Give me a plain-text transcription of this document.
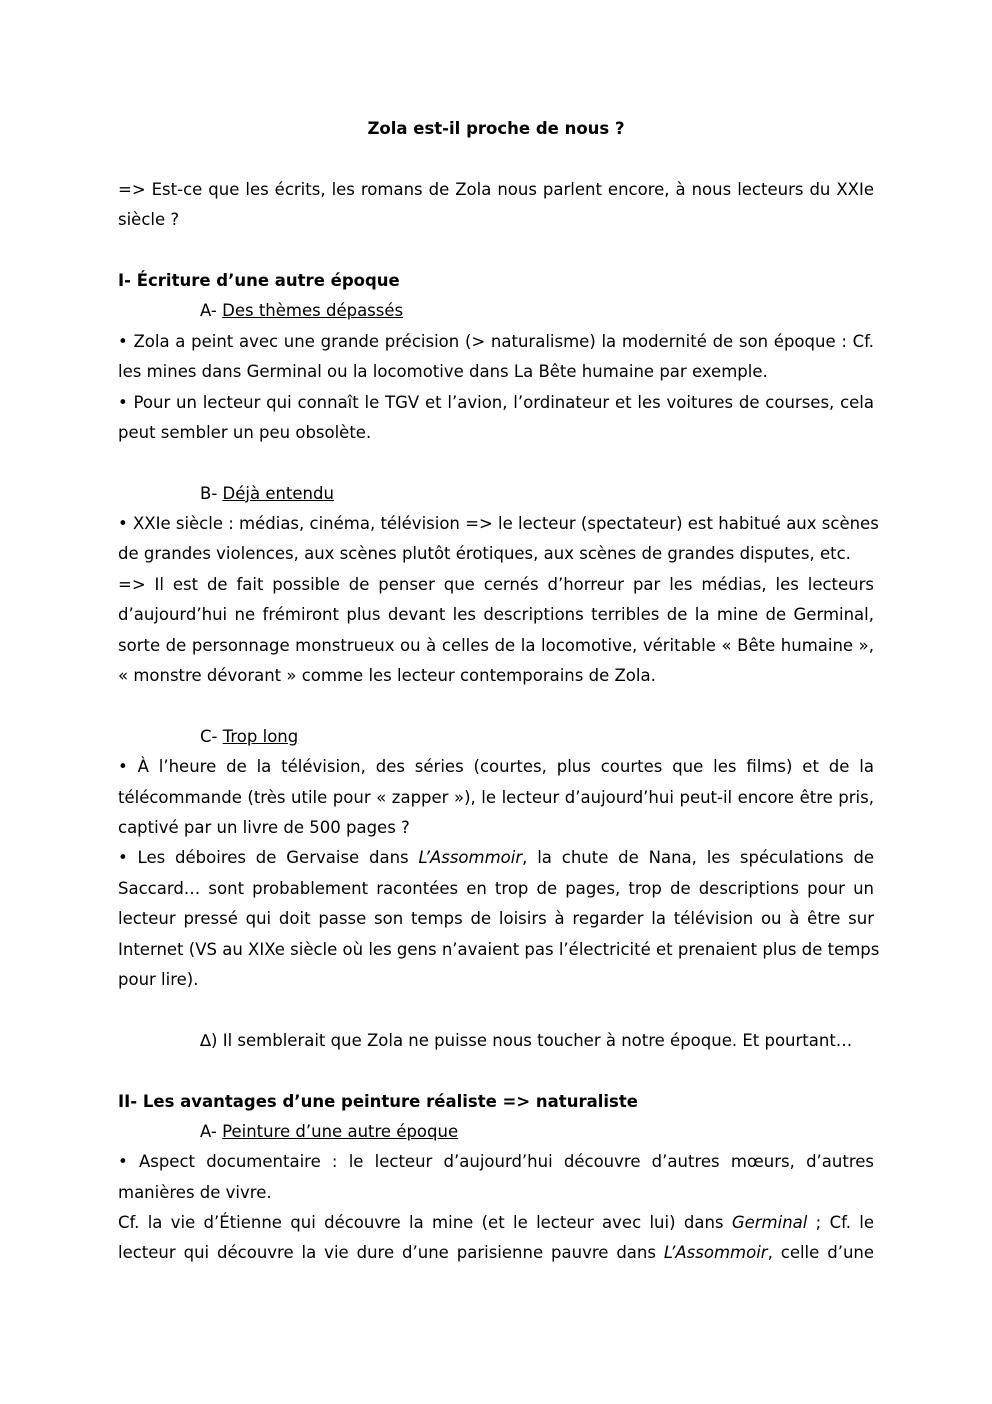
Zola est-il proche de nous ?
=> Est-ce que les écrits, les romans de Zola nous parlent encore, à nous lecteurs du XXIe
siècle ?
I- Écriture d’une autre époque
A- Des thèmes dépassés
• Zola a peint avec une grande précision (> naturalisme) la modernité de son époque : Cf.
les mines dans Germinal ou la locomotive dans La Bête humaine par exemple.
• Pour un lecteur qui connaît le TGV et l’avion, l’ordinateur et les voitures de courses, cela
peut sembler un peu obsolète.
B- Déjà entendu
• XXIe siècle : médias, cinéma, télévision => le lecteur (spectateur) est habitué aux scènes
de grandes violences, aux scènes plutôt érotiques, aux scènes de grandes disputes, etc.
=> Il est de fait possible de penser que cernés d’horreur par les médias, les lecteurs
d’aujourd’hui ne frémiront plus devant les descriptions terribles de la mine de Germinal,
sorte de personnage monstrueux ou à celles de la locomotive, véritable « Bête humaine »,
« monstre dévorant » comme les lecteur contemporains de Zola.
C- Trop long
• À l’heure de la télévision, des séries (courtes, plus courtes que les films) et de la
télécommande (très utile pour « zapper »), le lecteur d’aujourd’hui peut-il encore être pris,
captivé par un livre de 500 pages ?
• Les déboires de Gervaise dans L’Assommoir, la chute de Nana, les spéculations de
Saccard… sont probablement racontées en trop de pages, trop de descriptions pour un
lecteur pressé qui doit passe son temps de loisirs à regarder la télévision ou à être sur
Internet (VS au XIXe siècle où les gens n’avaient pas l’électricité et prenaient plus de temps
pour lire).
∆) Il semblerait que Zola ne puisse nous toucher à notre époque. Et pourtant…
II- Les avantages d’une peinture réaliste => naturaliste
A- Peinture d’une autre époque
• Aspect documentaire : le lecteur d’aujourd’hui découvre d’autres mœurs, d’autres
manières de vivre.
Cf. la vie d’Étienne qui découvre la mine (et le lecteur avec lui) dans Germinal ; Cf. le
lecteur qui découvre la vie dure d’une parisienne pauvre dans L’Assommoir, celle d’une
